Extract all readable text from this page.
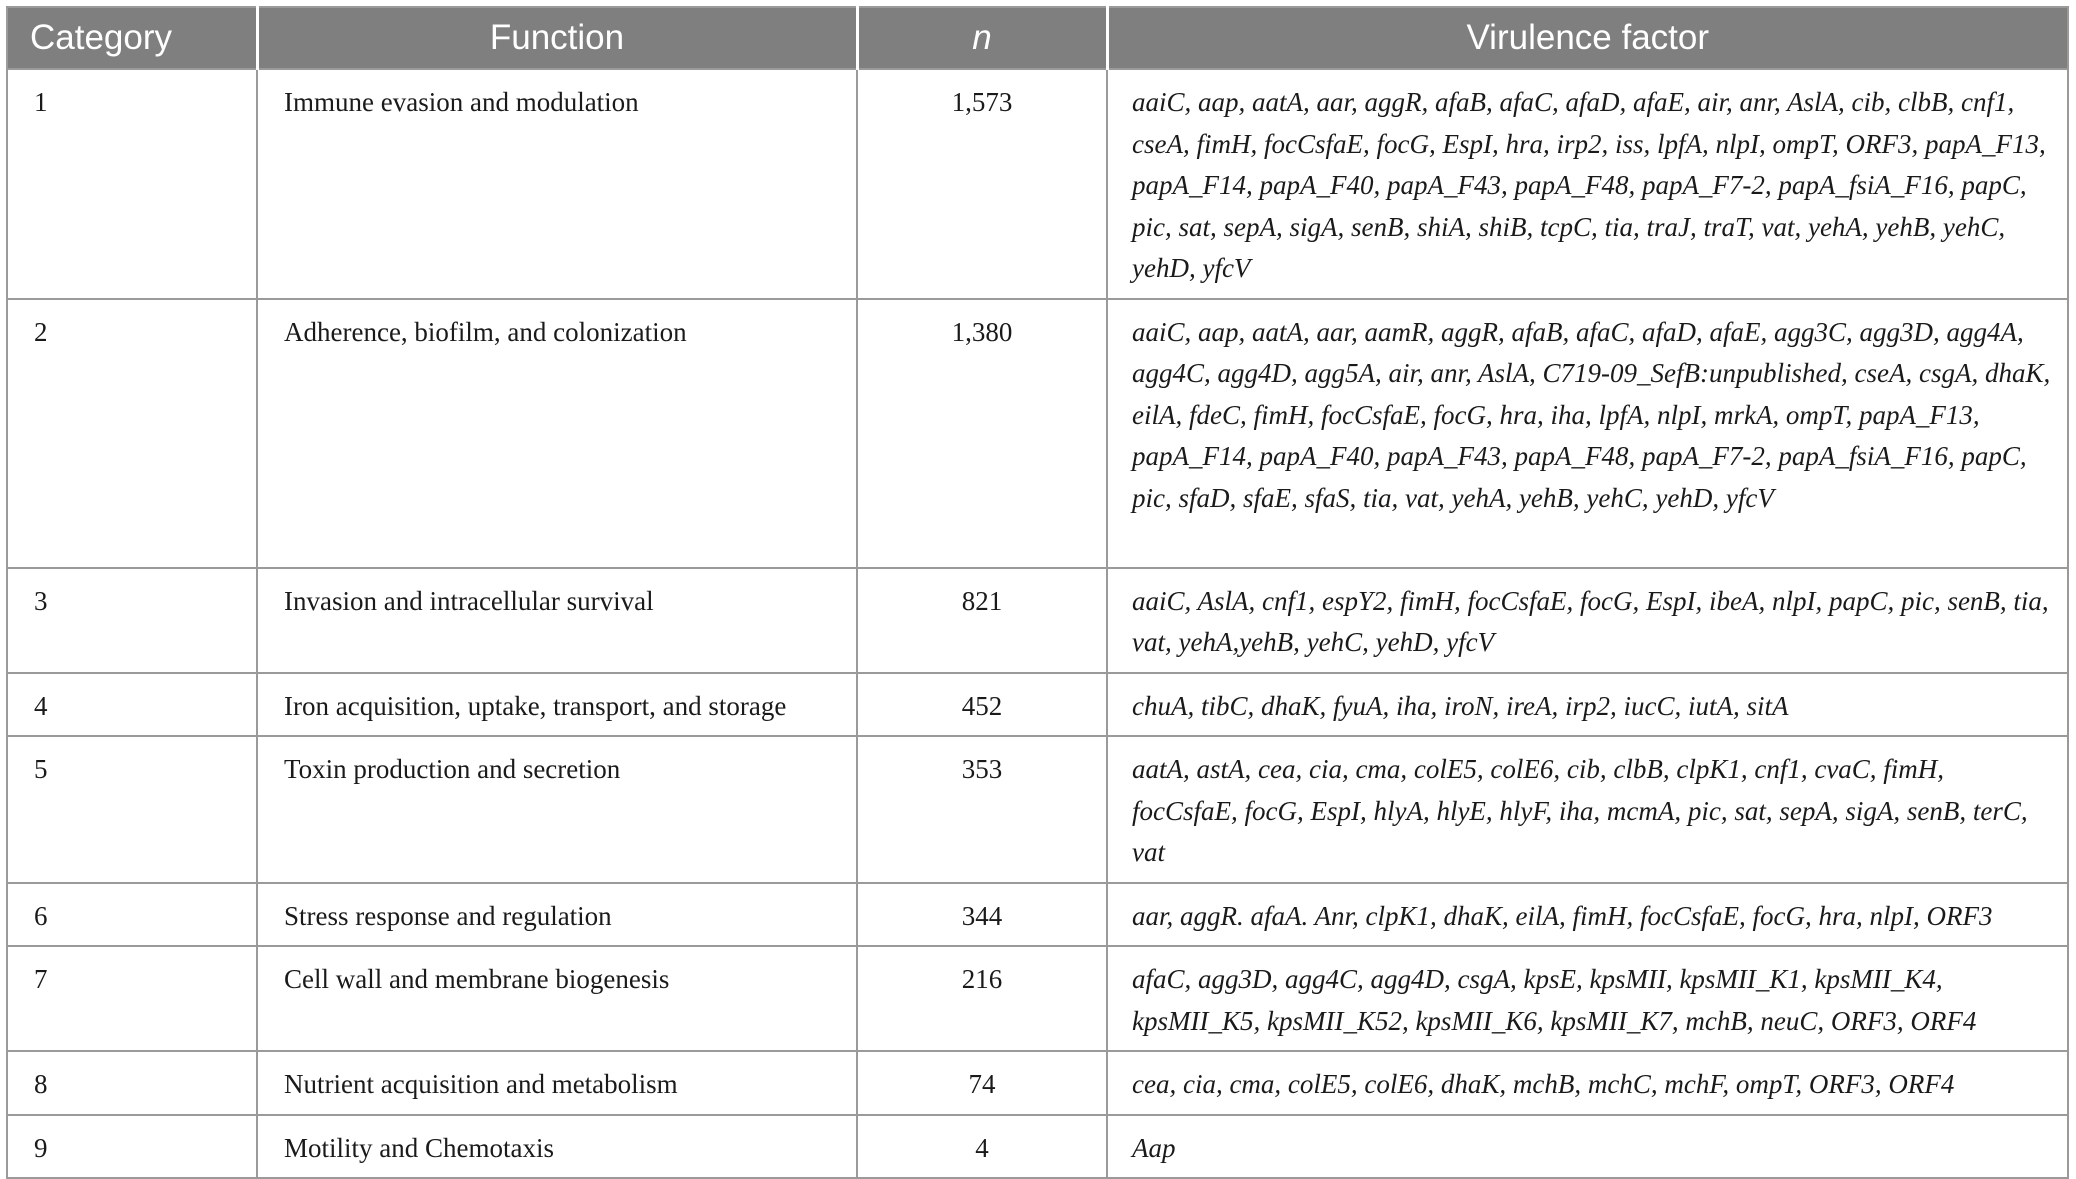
Category	Function	n	Virulence factor
1	Immune evasion and modulation	1,573	aaiC, aap, aatA, aar, aggR, afaB, afaC, afaD, afaE, air, anr, AslA, cib, clbB, cnf1, cseA, fimH, focCsfaE, focG, EspI, hra, irp2, iss, lpfA, nlpI, ompT, ORF3, papA_F13, papA_F14, papA_F40, papA_F43, papA_F48, papA_F7-2, papA_fsiA_F16, papC, pic, sat, sepA, sigA, senB, shiA, shiB, tcpC, tia, traJ, traT, vat, yehA, yehB, yehC, yehD, yfcV
2	Adherence, biofilm, and colonization	1,380	aaiC, aap, aatA, aar, aamR, aggR, afaB, afaC, afaD, afaE, agg3C, agg3D, agg4A, agg4C, agg4D, agg5A, air, anr, AslA, C719-09_SefB:unpublished, cseA, csgA, dhaK, eilA, fdeC, fimH, focCsfaE, focG, hra, iha, lpfA, nlpI, mrkA, ompT, papA_F13, papA_F14, papA_F40, papA_F43, papA_F48, papA_F7-2, papA_fsiA_F16, papC, pic, sfaD, sfaE, sfaS, tia, vat, yehA, yehB, yehC, yehD, yfcV
3	Invasion and intracellular survival	821	aaiC, AslA, cnf1, espY2, fimH, focCsfaE, focG, EspI, ibeA, nlpI, papC, pic, senB, tia, vat, yehA,yehB, yehC, yehD, yfcV
4	Iron acquisition, uptake, transport, and storage	452	chuA, tibC, dhaK, fyuA, iha, iroN, ireA, irp2, iucC, iutA, sitA
5	Toxin production and secretion	353	aatA, astA, cea, cia, cma, colE5, colE6, cib, clbB, clpK1, cnf1, cvaC, fimH, focCsfaE, focG, EspI, hlyA, hlyE, hlyF, iha, mcmA, pic, sat, sepA, sigA, senB, terC, vat
6	Stress response and regulation	344	aar, aggR. afaA. Anr, clpK1, dhaK, eilA, fimH, focCsfaE, focG, hra, nlpI, ORF3
7	Cell wall and membrane biogenesis	216	afaC, agg3D, agg4C, agg4D, csgA, kpsE, kpsMII, kpsMII_K1, kpsMII_K4, kpsMII_K5, kpsMII_K52, kpsMII_K6, kpsMII_K7, mchB, neuC, ORF3, ORF4
8	Nutrient acquisition and metabolism	74	cea, cia, cma, colE5, colE6, dhaK, mchB, mchC, mchF, ompT, ORF3, ORF4
9	Motility and Chemotaxis	4	Aap
